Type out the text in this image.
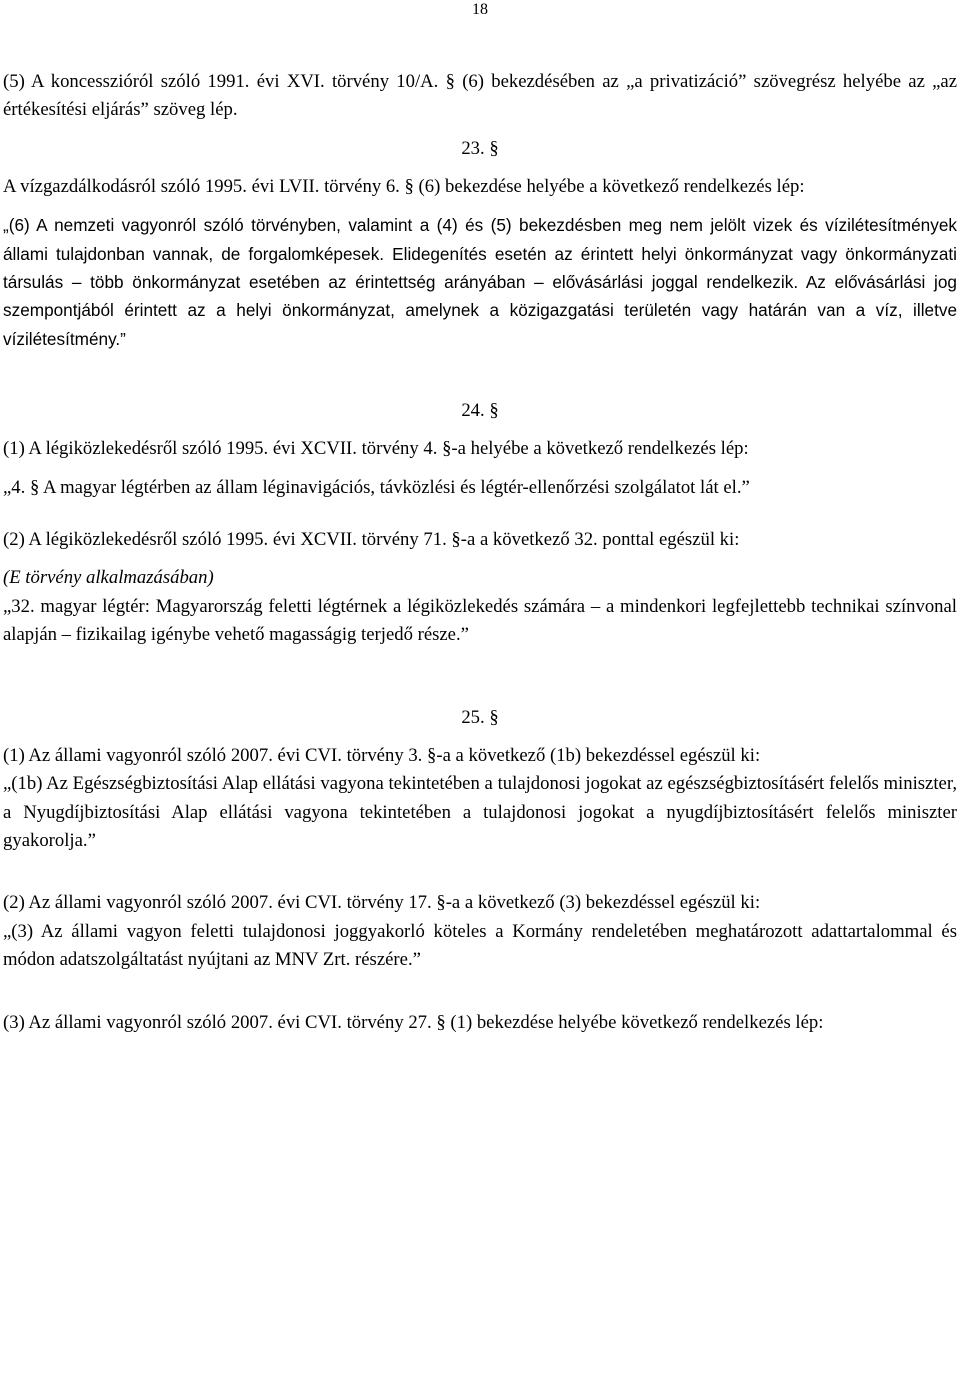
18

(5) A koncesszióról szóló 1991. évi XVI. törvény 10/A. § (6) bekezdésében az „a privatizáció” szövegrész helyébe az „az értékesítési eljárás” szöveg lép.

23. §

A vízgazdálkodásról szóló 1995. évi LVII. törvény 6. § (6) bekezdése helyébe a következő rendelkezés lép:

„(6) A nemzeti vagyonról szóló törvényben, valamint a (4) és (5) bekezdésben meg nem jelölt vizek és vízilétesítmények állami tulajdonban vannak, de forgalomképesek. Elidegenítés esetén az érintett helyi önkormányzat vagy önkormányzati társulás – több önkormányzat esetében az érintettség arányában – elővásárlási joggal rendelkezik. Az elővásárlási jog szempontjából érintett az a helyi önkormányzat, amelynek a közigazgatási területén vagy határán van a víz, illetve vízilétesítmény.”

24. §

(1) A légiközlekedésről szóló 1995. évi XCVII. törvény 4. §-a helyébe a következő rendelkezés lép:

„4. § A magyar légtérben az állam léginavigációs, távközlési és légtér-ellenőrzési szolgálatot lát el.”

(2) A légiközlekedésről szóló 1995. évi XCVII. törvény 71. §-a a következő 32. ponttal egészül ki:

(E törvény alkalmazásában)

„32. magyar légtér: Magyarország feletti légtérnek a légiközlekedés számára – a mindenkori legfejlettebb technikai színvonal alapján – fizikailag igénybe vehető magasságig terjedő része.”

25. §

(1) Az állami vagyonról szóló 2007. évi CVI. törvény 3. §-a a következő (1b) bekezdéssel egészül ki:

„(1b) Az Egészségbiztosítási Alap ellátási vagyona tekintetében a tulajdonosi jogokat az egészségbiztosításért felelős miniszter, a Nyugdíjbiztosítási Alap ellátási vagyona tekintetében a tulajdonosi jogokat a nyugdíjbiztosításért felelős miniszter gyakorolja.”

(2) Az állami vagyonról szóló 2007. évi CVI. törvény 17. §-a a következő (3) bekezdéssel egészül ki:

„(3) Az állami vagyon feletti tulajdonosi joggyakorló köteles a Kormány rendeletében meghatározott adattartalommal és módon adatszolgáltatást nyújtani az MNV Zrt. részére.”

(3) Az állami vagyonról szóló 2007. évi CVI. törvény 27. § (1) bekezdése helyébe következő rendelkezés lép:
